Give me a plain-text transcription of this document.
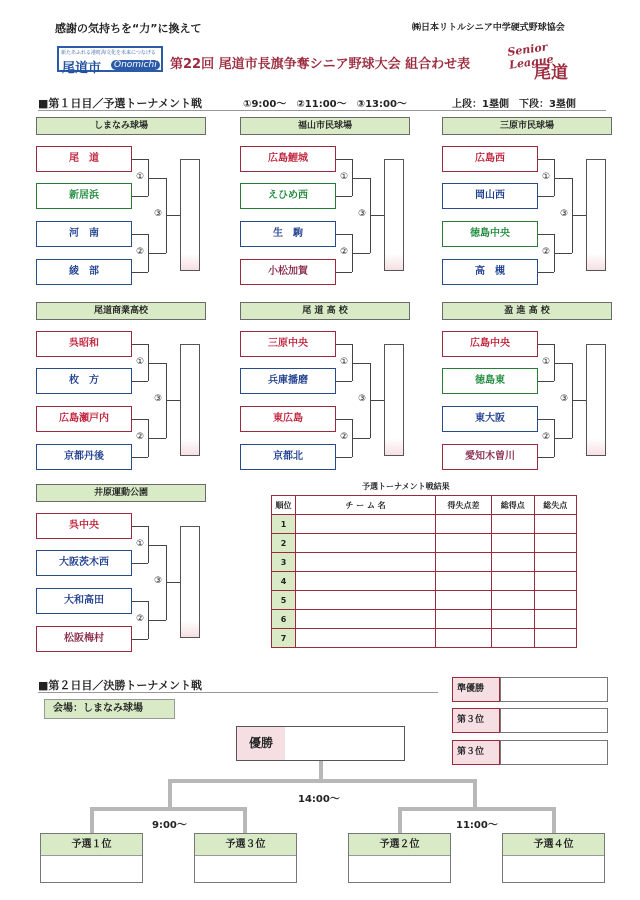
感謝の気持ちを“力”に換えて	㈱日本リトルシニア中学硬式野球協会
新たあふれる港町海文化を未来につなげる
尾道市	Onomichi 第22回 尾道市長旗争奪シニア野球大会 組合わせ表
Senior League
尾道
■第１日目／予選トーナメント戦	①9:00～　②11:00～　③13:00～	上段：1塁側　下段：3塁側
しまなみ球場
尾　道
新居浜
河　南
綾　部
①
②
③
福山市民球場
広島鯉城
えひめ西
生　駒
小松加賀
①
②
③
三原市民球場
広島西
岡山西
徳島中央
高　槻
①
②
③
尾道商業高校
呉昭和
枚　方
広島瀬戸内
京都丹後
①
②
③
尾 道 高 校
三原中央
兵庫播磨
東広島
京都北
①
②
③
盈 進 高 校
広島中央
徳島東
東大阪
愛知木曽川
①
②
③
井原運動公園
呉中央
大阪茨木西
大和高田
松阪梅村
①
②
③
予選トーナメント戦結果
順位	チ ー ム 名	得失点差	総得点	総失点
1				
2				
3				
4				
5				
6				
7				
■第２日目／決勝トーナメント戦
会場：しまなみ球場
準優勝
第３位
第３位
優勝
14:00～
9:00～	11:00～
予選１位	予選３位	予選２位	予選４位
